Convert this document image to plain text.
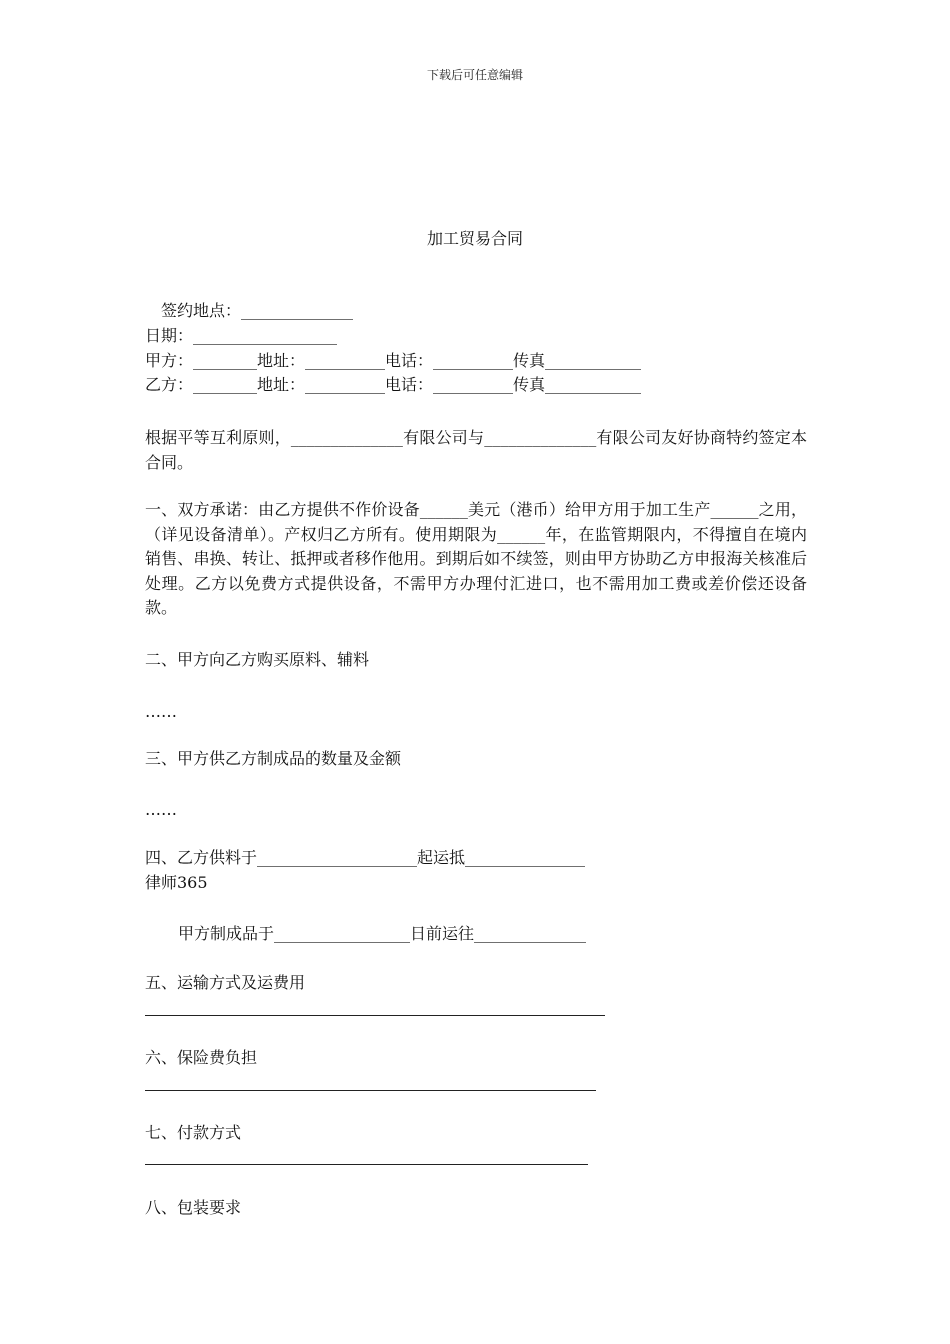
下载后可任意编辑
加工贸易合同
签约地点：______________
日期：__________________
甲方：________地址：__________电话：__________传真____________
乙方：________地址：__________电话：__________传真____________
根据平等互利原则，______________有限公司与______________有限公司友好协商特约签定本合同。
一、双方承诺：由乙方提供不作价设备______美元（港币）给甲方用于加工生产______之用，（详见设备清单）。产权归乙方所有。使用期限为______年，在监管期限内，不得擅自在境内销售、串换、转让、抵押或者移作他用。到期后如不续签，则由甲方协助乙方申报海关核准后处理。乙方以免费方式提供设备，不需甲方办理付汇进口，也不需用加工费或差价偿还设备款。
二、甲方向乙方购买原料、辅料
……
三、甲方供乙方制成品的数量及金额
……
四、乙方供料于____________________起运抵_______________
律师365
甲方制成品于_________________日前运往______________
五、运输方式及运费用
六、保险费负担
七、付款方式
八、包装要求
